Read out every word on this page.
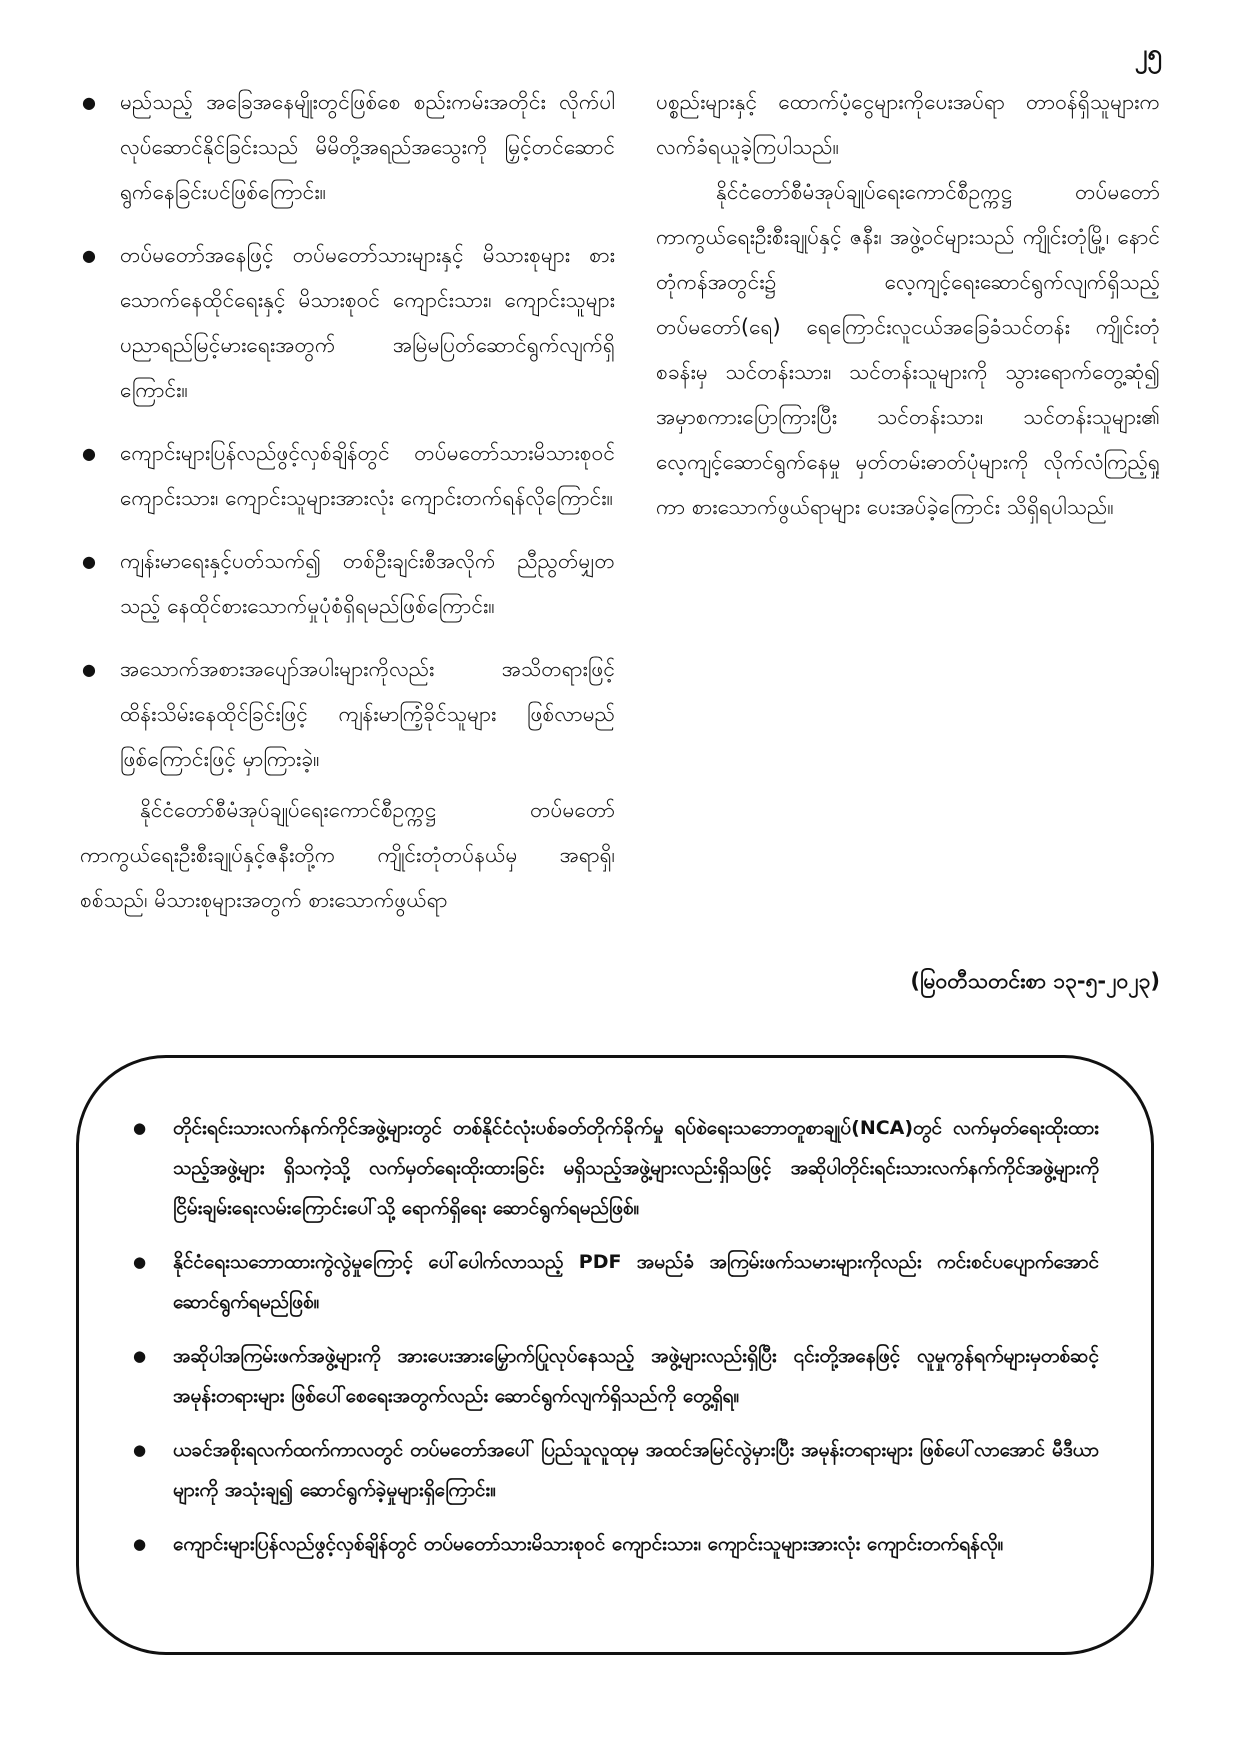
၂၅
● မည်သည့် အခြေအနေမျိုးတွင်ဖြစ်စေ စည်းကမ်းအတိုင်း လိုက်ပါလုပ်ဆောင်နိုင်ခြင်းသည် မိမိတို့အရည်အသွေးကို မြှင့်တင်ဆောင်ရွက်နေခြင်းပင်ဖြစ်ကြောင်း။
● တပ်မတော်အနေဖြင့် တပ်မတော်သားများနှင့် မိသားစုများ စားသောက်နေထိုင်ရေးနှင့် မိသားစုဝင် ကျောင်းသား၊ ကျောင်းသူများ ပညာရည်မြင့်မားရေးအတွက် အမြဲမပြတ်ဆောင်ရွက်လျက်ရှိကြောင်း။
● ကျောင်းများပြန်လည်ဖွင့်လှစ်ချိန်တွင် တပ်မတော်သားမိသားစုဝင် ကျောင်းသား၊ ကျောင်းသူများအားလုံး ကျောင်းတက်ရန်လိုကြောင်း။
● ကျန်းမာရေးနှင့်ပတ်သက်၍ တစ်ဦးချင်းစီအလိုက် ညီညွတ်မျှတသည့် နေထိုင်စားသောက်မှုပုံစံရှိရမည်ဖြစ်ကြောင်း။
● အသောက်အစားအပျော်အပါးများကိုလည်း အသိတရားဖြင့် ထိန်းသိမ်းနေထိုင်ခြင်းဖြင့် ကျန်းမာကြံ့ခိုင်သူများ ဖြစ်လာမည်ဖြစ်ကြောင်းဖြင့် မှာကြားခဲ့။

နိုင်ငံတော်စီမံအုပ်ချုပ်ရေးကောင်စီဥက္ကဋ္ဌ တပ်မတော်ကာကွယ်ရေးဦးစီးချုပ်နှင့်ဇနီးတို့က ကျိုင်းတုံတပ်နယ်မှ အရာရှိ၊ စစ်သည်၊ မိသားစုများအတွက် စားသောက်ဖွယ်ရာ

ပစ္စည်းများနှင့် ထောက်ပံ့ငွေများကိုပေးအပ်ရာ တာဝန်ရှိသူများက လက်ခံရယူခဲ့ကြပါသည်။

နိုင်ငံတော်စီမံအုပ်ချုပ်ရေးကောင်စီဥက္ကဋ္ဌ တပ်မတော်ကာကွယ်ရေးဦးစီးချုပ်နှင့် ဇနီး၊ အဖွဲ့ဝင်များသည် ကျိုင်းတုံမြို့၊ နောင်တုံကန်အတွင်း၌ လေ့ကျင့်ရေးဆောင်ရွက်လျက်ရှိသည့် တပ်မတော်(ရေ) ရေကြောင်းလူငယ်အခြေခံသင်တန်း ကျိုင်းတုံစခန်းမှ သင်တန်းသား၊ သင်တန်းသူများကို သွားရောက်တွေ့ဆုံ၍ အမှာစကားပြောကြားပြီး သင်တန်းသား၊ သင်တန်းသူများ၏ လေ့ကျင့်ဆောင်ရွက်နေမှု မှတ်တမ်းဓာတ်ပုံများကို လိုက်လံကြည့်ရှုကာ စားသောက်ဖွယ်ရာများ ပေးအပ်ခဲ့ကြောင်း သိရှိရပါသည်။

(မြဝတီသတင်းစာ ၁၃-၅-၂၀၂၃)
● တိုင်းရင်းသားလက်နက်ကိုင်အဖွဲ့များတွင် တစ်နိုင်ငံလုံးပစ်ခတ်တိုက်ခိုက်မှု ရပ်စဲရေးသဘောတူစာချုပ်(NCA)တွင် လက်မှတ်ရေးထိုးထားသည့်အဖွဲ့များ ရှိသကဲ့သို့ လက်မှတ်ရေးထိုးထားခြင်း မရှိသည့်အဖွဲ့များလည်းရှိသဖြင့် အဆိုပါတိုင်းရင်းသားလက်နက်ကိုင်အဖွဲ့များကို ငြိမ်းချမ်းရေးလမ်းကြောင်းပေါ်သို့ ရောက်ရှိရေး ဆောင်ရွက်ရမည်ဖြစ်။
● နိုင်ငံရေးသဘောထားကွဲလွဲမှုကြောင့် ပေါ်ပေါက်လာသည့် PDF အမည်ခံ အကြမ်းဖက်သမားများကိုလည်း ကင်းစင်ပပျောက်အောင် ဆောင်ရွက်ရမည်ဖြစ်။
● အဆိုပါအကြမ်းဖက်အဖွဲ့များကို အားပေးအားမြှောက်ပြုလုပ်နေသည့် အဖွဲ့များလည်းရှိပြီး ၎င်းတို့အနေဖြင့် လူမှုကွန်ရက်များမှတစ်ဆင့် အမုန်းတရားများ ဖြစ်ပေါ်စေရေးအတွက်လည်း ဆောင်ရွက်လျက်ရှိသည်ကို တွေ့ရှိရ။
● ယခင်အစိုးရလက်ထက်ကာလတွင် တပ်မတော်အပေါ် ပြည်သူလူထုမှ အထင်အမြင်လွဲမှားပြီး အမုန်းတရားများ ဖြစ်ပေါ်လာအောင် မီဒီယာများကို အသုံးချ၍ ဆောင်ရွက်ခဲ့မှုများရှိကြောင်း။
● ကျောင်းများပြန်လည်ဖွင့်လှစ်ချိန်တွင် တပ်မတော်သားမိသားစုဝင် ကျောင်းသား၊ ကျောင်းသူများအားလုံး ကျောင်းတက်ရန်လို။
